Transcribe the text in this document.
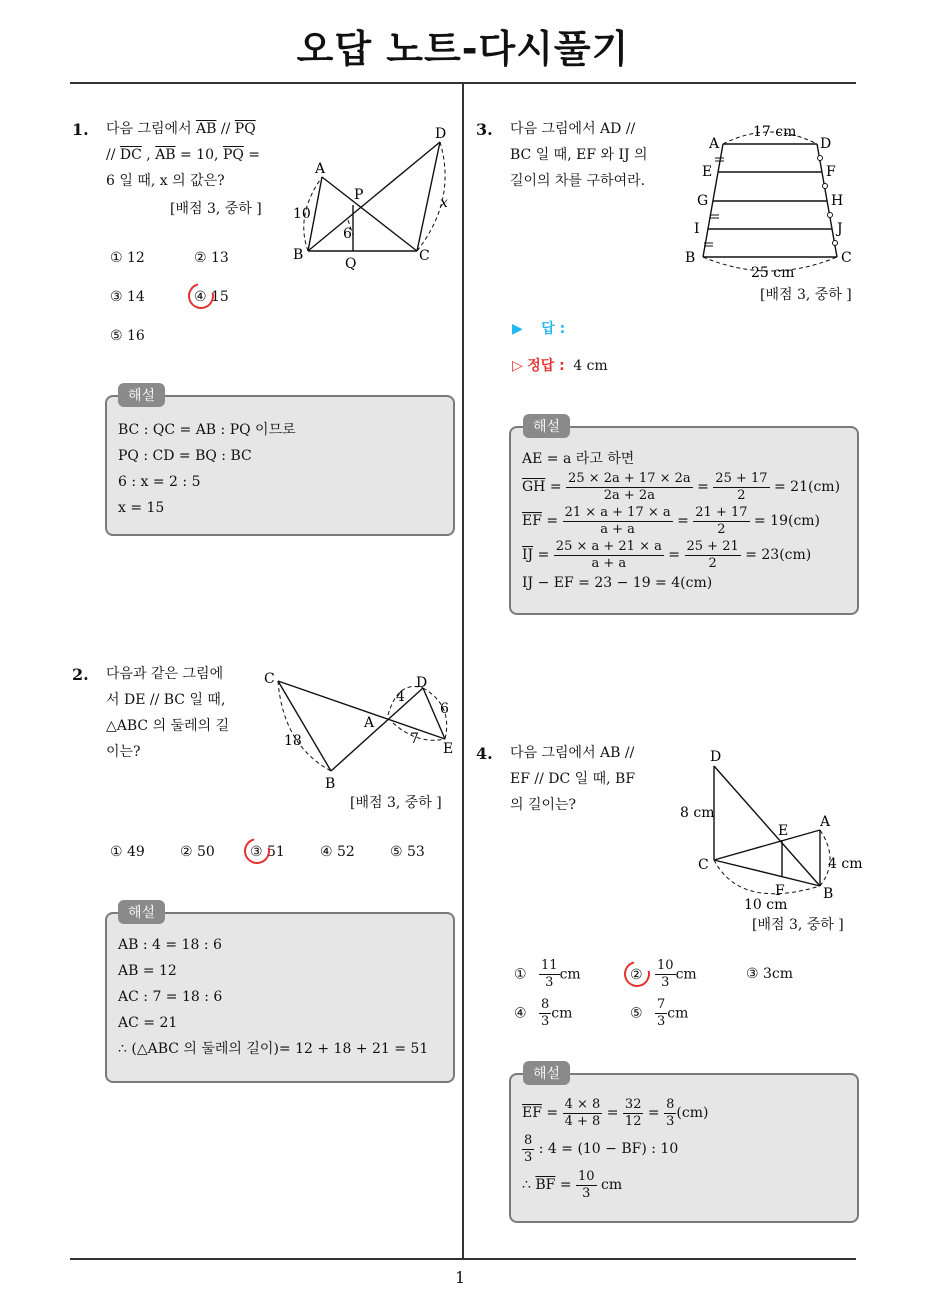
오답 노트-다시풀기
1
1. 다음 그림에서 $\overline{AB} // \overline{PQ}$
// $\overline{DC}$ , $\overline{AB} = 10$, $\overline{PQ}$ =
6 일 때, x 의 값은?
[배점 3, 중하 ]
A
B	C
D
P
Q
10
6
x
① 12	② 13
③ 14	④ 15
⑤ 16
BC : QC = AB : PQ 이므로
PQ : CD = BQ : BC
6 : x = 2 : 5
x = 15
해설
2. 다음과 같은 그림에
서 DE // BC 일 때,
△ABC 의 둘레의 길
이는?
C
B
A
D
E
18
4
6
7
[배점 3, 중하 ]
① 49	② 50	③ 51	④ 52	⑤ 53
AB : 4 = 18 : 6
AB = 12
AC : 7 = 18 : 6
AC = 21
∴ (△ABC 의 둘레의 길이)= 12 + 18 + 21 = 51
해설
3. 다음 그림에서 AD //
BC 일 때, EF 와 IJ 의
길이의 차를 구하여라.
A	D
E	F
G	H
I	J
B	C
17 cm
25 cm
[배점 3, 중하 ]
▶ 답 :
▷ 정답 : 4 cm
AE = a 라고 하면
$\overline{GH} = \frac{25 \times 2a + 17 \times 2a}{2a + 2a} = \frac{25 + 17}{2} = 21(cm)$
$\overline{EF} = \frac{21 \times a + 17 \times a}{a + a} = \frac{21 + 17}{2} = 19(cm)$
$\overline{IJ} = \frac{25 \times a + 21 \times a}{a + a} = \frac{25 + 21}{2} = 23(cm)$
IJ − EF = 23 − 19 = 4(cm)
해설
4. 다음 그림에서 AB //
EF // DC 일 때, BF
의 길이는?
D
A
E
C
F	B
8 cm
4 cm
10 cm
[배점 3, 중하 ]
① $\frac{11}{3}$ cm	② $\frac{10}{3}$ cm	③ 3cm
④ $\frac{8}{3}$ cm	⑤ $\frac{7}{3}$ cm
$\overline{EF} = \frac{4 \times 8}{4 + 8} = \frac{32}{12} = \frac{8}{3} (cm)$
$\frac{8}{3}$ : 4 = (10 − BF) : 10
∴ $\overline{BF} = \frac{10}{3}$ cm
해설
